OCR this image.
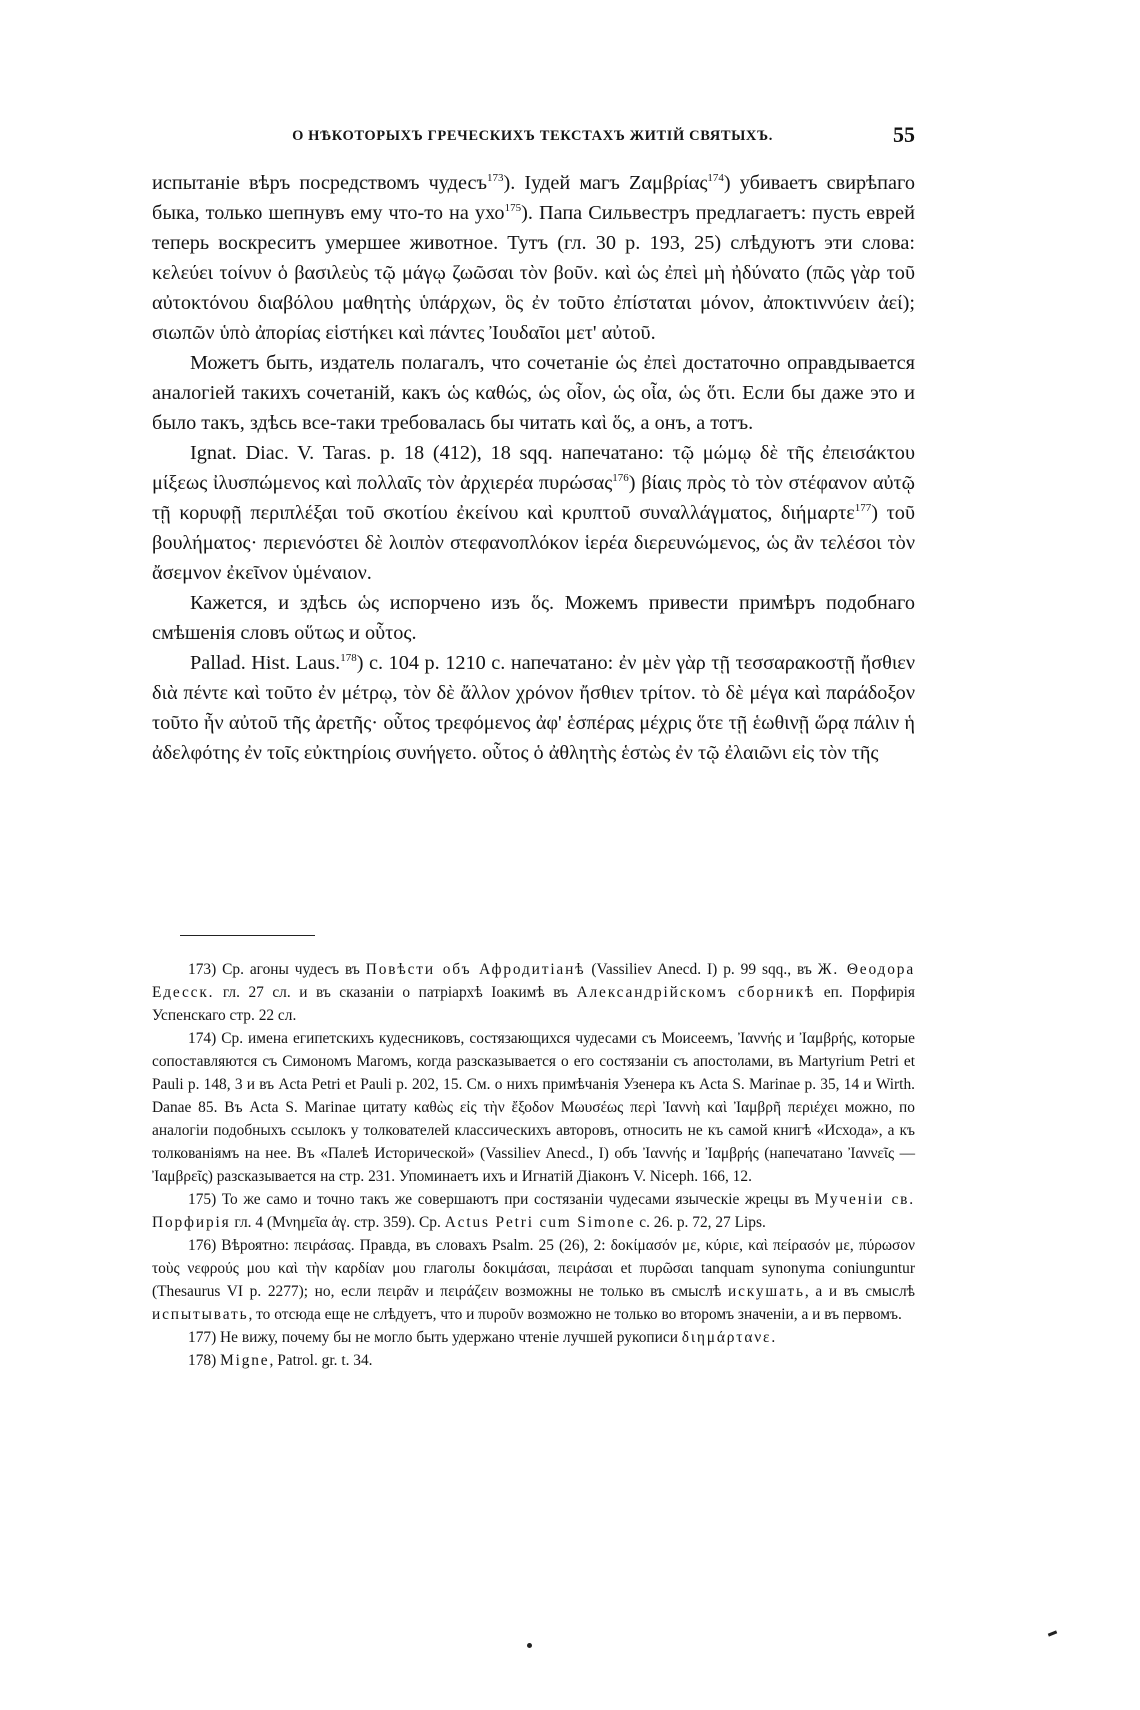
О НѢКОТОРЫХЪ ГРЕЧЕСКИХЪ ТЕКСТАХЪ ЖИТІЙ СВЯТЫХЪ.	55

испытаніе вѣръ посредствомъ чудесъ$^{173}$). Іудей магъ Ζαμβρίας$^{174}$) убиваетъ свирѣпаго быка, только шепнувъ ему что-то на ухо$^{175}$). Папа Сильвестръ предлагаетъ: пусть еврей теперь воскреситъ умершее животное. Тутъ (гл. 30 р. 193, 25) слѣдуютъ эти слова: κελεύει τοίνυν ὁ βασιλεὺς τῷ μάγῳ ζωῶσαι τὸν βοῦν. καὶ ὡς ἐπεὶ μὴ ἠδύνατο (πῶς γὰρ τοῦ αὐτοκτόνου διαβόλου μαθητὴς ὑπάρχων, ὃς ἐν τοῦτο ἐπίσταται μόνον, ἀποκτιννύειν ἀεί); σιωπῶν ὑπὸ ἀπορίας εἱστήκει καὶ πάντες Ἰουδαῖοι μετ' αὐτοῦ.

Можетъ быть, издатель полагалъ, что сочетаніе ὡς ἐπεὶ достаточно оправдывается аналогіей такихъ сочетаній, какъ ὡς καθώς, ὡς οἷον, ὡς οἷα, ὡς ὅτι. Если бы даже это и было такъ, здѣсь все-таки требовалась бы читать καὶ ὅς, а онъ, а тотъ.

Ignat. Diac. V. Taras. p. 18 (412), 18 sqq. напечатано: τῷ μώμῳ δὲ τῆς ἐπεισάκτου μίξεως ἰλυσπώμενος καὶ πολλαῖς τὸν ἀρχιερέα πυρώσας$^{176}$) βίαις πρὸς τὸ τὸν στέφανον αὐτῷ τῇ κορυφῇ περιπλέξαι τοῦ σκοτίου ἐκείνου καὶ κρυπτοῦ συναλλάγματος, διήμαρτε$^{177}$) τοῦ βουλήματος· περιενόστει δὲ λοιπὸν στεφανοπλόκον ἱερέα διερευνώμενος, ὡς ἂν τελέσοι τὸν ἄσεμνον ἐκεῖνον ὑμέναιον.

Кажется, и здѣсь ὡς испорчено изъ ὅς. Можемъ привести примѣръ подобнаго смѣшенія словъ οὕτως и οὗτος.

Pallad. Hist. Laus.$^{178}$) c. 104 p. 1210 c. напечатано: ἐν μὲν γὰρ τῇ τεσσαρακοστῇ ἤσθιεν διὰ πέντε καὶ τοῦτο ἐν μέτρῳ, τὸν δὲ ἄλλον χρόνον ἤσθιεν τρίτον. τὸ δὲ μέγα καὶ παράδοξον τοῦτο ἦν αὐτοῦ τῆς ἀρετῆς· οὗτος τρεφόμενος ἀφ' ἑσπέρας μέχρις ὅτε τῇ ἑωθινῇ ὥρᾳ πάλιν ἡ ἀδελφότης ἐν τοῖς εὐκτηρίοις συνήγετο. οὗτος ὁ ἀθλητὴς ἑστὼς ἐν τῷ ἐλαιῶνι εἰς τὸν τῆς

173) Ср. агоны чудесъ въ Повѣсти объ Афродитіанѣ (Vassiliev Anecd. I) p. 99 sqq., въ Ж. Θеодора Едесск. гл. 27 сл. и въ сказаніи о патріархѣ Іоакимѣ въ Александрійскомъ сборникѣ еп. Порфирія Успенскаго стр. 22 сл.

174) Ср. имена египетскихъ кудесниковъ, состязающихся чудесами съ Моисеемъ, Ἰαννής и Ἰαμβρής, которые сопоставляются съ Симономъ Магомъ, когда разсказывается о его состязаніи съ апостолами, въ Martyrium Petri et Pauli p. 148, 3 и въ Acta Petri et Pauli p. 202, 15. См. о нихъ примѣчанія Узенера къ Acta S. Marinae p. 35, 14 и Wirth. Danae 85. Въ Acta S. Marinae цитату καθὼς εἰς τὴν ἔξοδον Μωυσέως περὶ Ἰαννὴ καὶ Ἰαμβρῆ περιέχει можно, по аналогіи подобныхъ ссылокъ у толкователей классическихъ авторовъ, относить не къ самой книгѣ «Исхода», а къ толкованіямъ на нее. Въ «Палеѣ Исторической» (Vassiliev Anecd., I) объ Ἰαννής и Ἰαμβρής (напечатано Ἰαννεῖς — Ἰαμβρεῖς) разсказывается на стр. 231. Упоминаетъ ихъ и Игнатій Діаконъ V. Niceph. 166, 12.

175) То же само и точно такъ же совершаютъ при состязаніи чудесами языческіе жрецы въ Мученіи св. Порфирія гл. 4 (Μνημεῖα ἁγ. стр. 359). Ср. Actus Petri cum Simone c. 26. p. 72, 27 Lips.

176) Вѣроятно: πειράσας. Правда, въ словахъ Psalm. 25 (26), 2: δοκίμασόν με, κύριε, καὶ πείρασόν με, πύρωσον τοὺς νεφρούς μου καὶ τὴν καρδίαν μου глаголы δοκιμάσαι, πειράσαι et πυρῶσαι tanquam synonyma coniunguntur (Thesaurus VI p. 2277); но, если πειρᾶν и πειράζειν возможны не только въ смыслѣ искушать, а и въ смыслѣ испытывать, то отсюда еще не слѣдуетъ, что и πυροῦν возможно не только во второмъ значеніи, а и въ первомъ.

177) Не вижу, почему бы не могло быть удержано чтеніе лучшей рукописи διημάρτανε.

178) Migne, Patrol. gr. t. 34.
